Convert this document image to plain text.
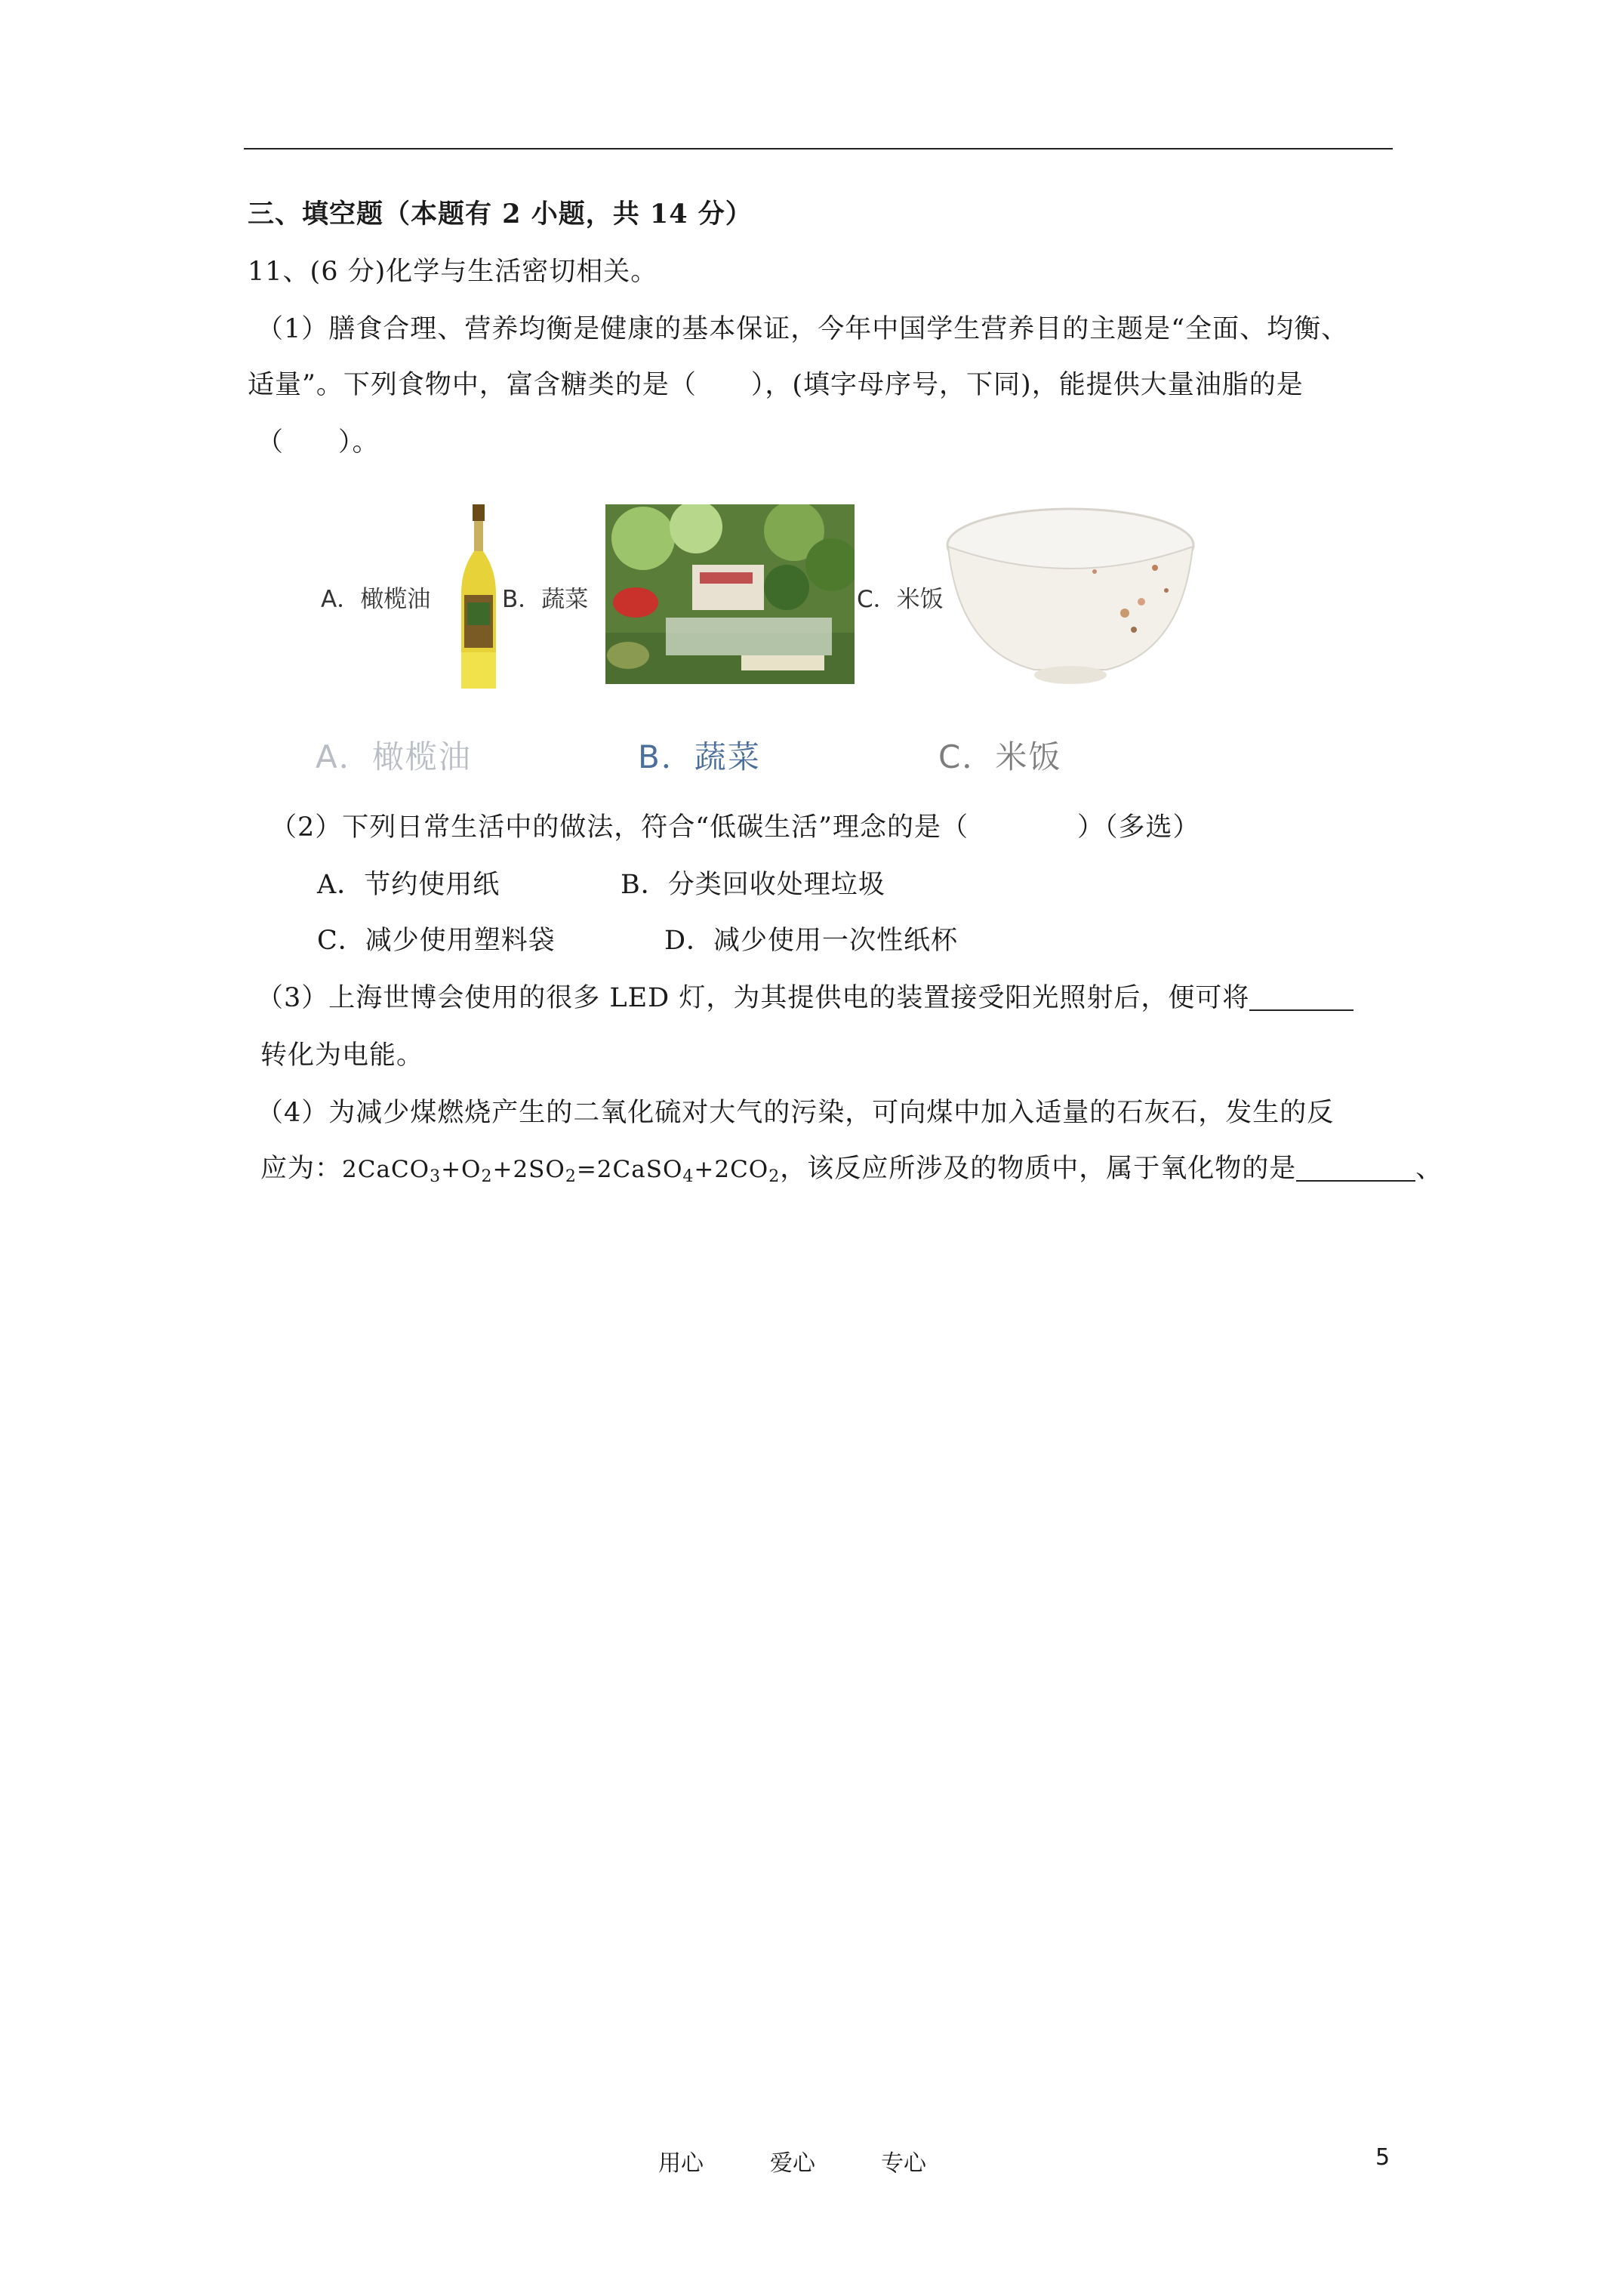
三、填空题（本题有 2 小题，共 14 分）
11、(6 分)化学与生活密切相关。
（1）膳食合理、营养均衡是健康的基本保证，今年中国学生营养目的主题是“全面、均衡、
适量”。下列食物中，富含糖类的是（　　），(填字母序号，下同)，能提供大量油脂的是
（　　）。
A．橄榄油	B．蔬菜	C．米饭
A．橄榄油	B．蔬菜	C．米饭
（2）下列日常生活中的做法，符合“低碳生活”理念的是（　　　　）（多选）
A．节约使用纸	B．分类回收处理垃圾
C．减少使用塑料袋	D．减少使用一次性纸杯
（3）上海世博会使用的很多 LED 灯，为其提供电的装置接受阳光照射后，便可将
转化为电能。
（4）为减少煤燃烧产生的二氧化硫对大气的污染，可向煤中加入适量的石灰石，发生的反
应为：$2CaCO_3+O_2+2SO_2=2CaSO_4+2CO_2$，该反应所涉及的物质中，属于氧化物的是	、
用心	爱心	专心	5
